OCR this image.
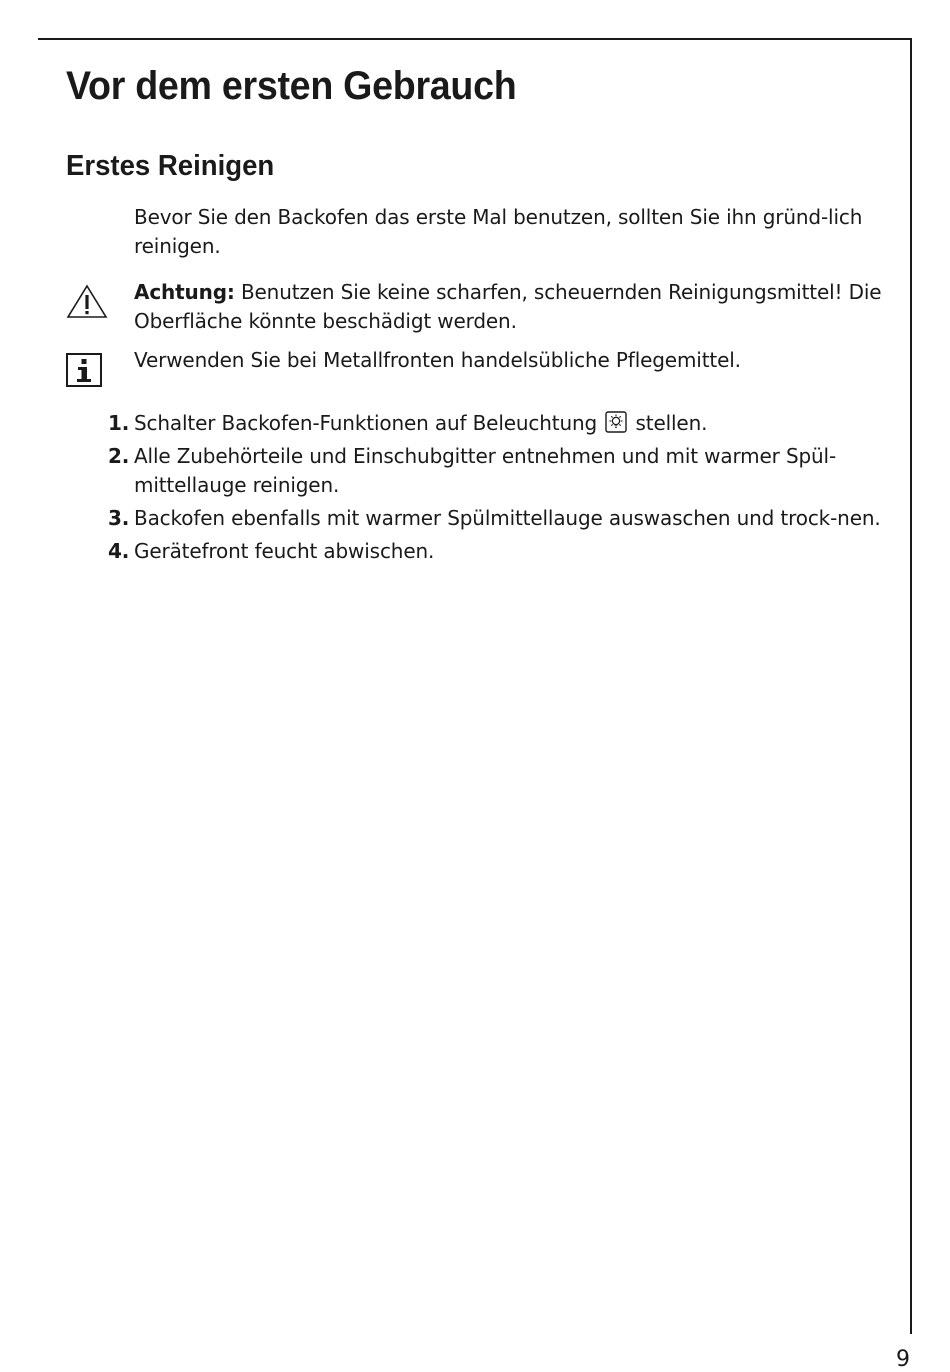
Vor dem ersten Gebrauch
Erstes Reinigen

Bevor Sie den Backofen das erste Mal benutzen, sollten Sie ihn gründ-lich reinigen.

Achtung: Benutzen Sie keine scharfen, scheuernden Reinigungsmittel! Die Oberfläche könnte beschädigt werden.

Verwenden Sie bei Metallfronten handelsübliche Pflegemittel.

1. Schalter Backofen-Funktionen auf Beleuchtung  stellen.
2. Alle Zubehörteile und Einschubgitter entnehmen und mit warmer Spül-mittellauge reinigen.
3. Backofen ebenfalls mit warmer Spülmittellauge auswaschen und trock-nen.
4. Gerätefront feucht abwischen.
9
